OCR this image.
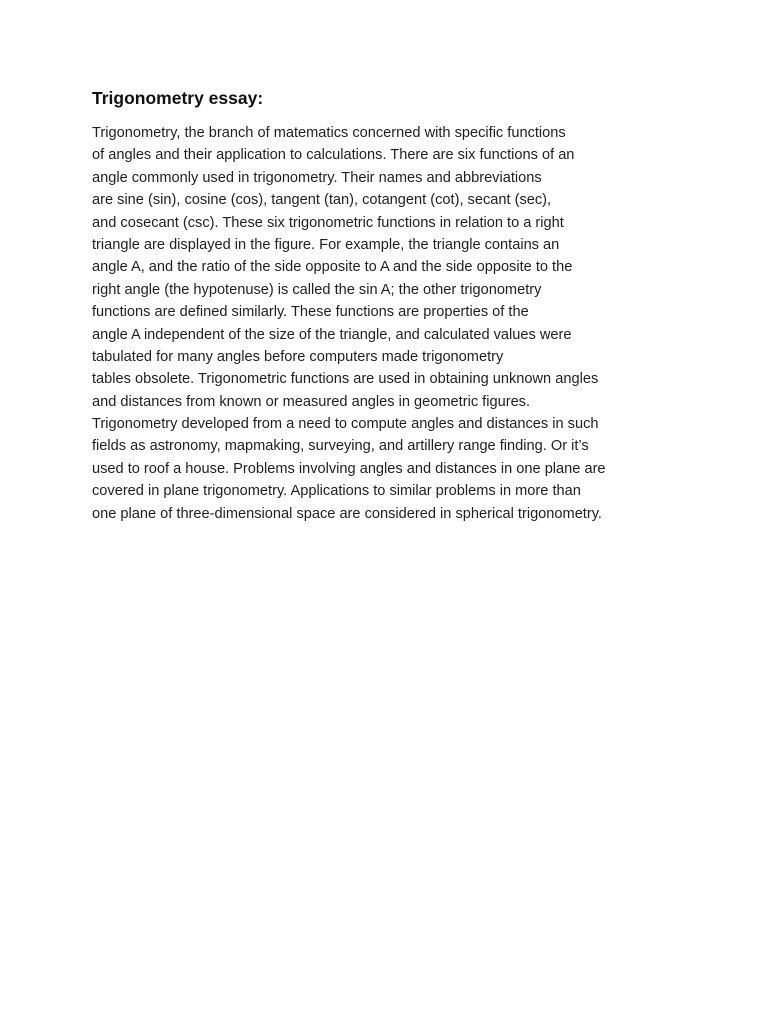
Trigonometry essay:
Trigonometry, the branch of matematics concerned with specific functions
of angles and their application to calculations. There are six functions of an
angle commonly used in trigonometry. Their names and abbreviations
are sine (sin), cosine (cos), tangent (tan), cotangent (cot), secant (sec),
and cosecant (csc). These six trigonometric functions in relation to a right
triangle are displayed in the figure. For example, the triangle contains an
angle A, and the ratio of the side opposite to A and the side opposite to the
right angle (the hypotenuse) is called the sin A; the other trigonometry
functions are defined similarly. These functions are properties of the
angle A independent of the size of the triangle, and calculated values were
tabulated for many angles before computers made trigonometry
tables obsolete. Trigonometric functions are used in obtaining unknown angles
and distances from known or measured angles in geometric figures.
Trigonometry developed from a need to compute angles and distances in such
fields as astronomy, mapmaking, surveying, and artillery range finding. Or it’s
used to roof a house. Problems involving angles and distances in one plane are
covered in plane trigonometry. Applications to similar problems in more than
one plane of three-dimensional space are considered in spherical trigonometry.
